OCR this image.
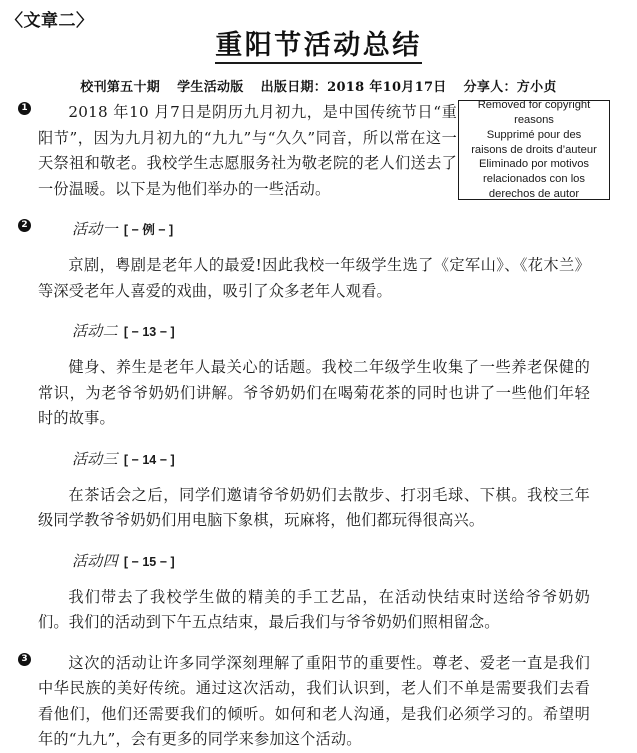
〈文章二〉
重阳节活动总结
校刊第五十期 学生活动版 出版日期：2018 年10月17日 分享人：方小贞
Removed for copyright
reasons
Supprimé pour des
raisons de droits d’auteur
Eliminado por motivos
relacionados con los
derechos de autor
1	2018 年10 月7日是阴历九月初九，是中国传统节日“重阳节”，因为九月初九的“九九”与“久久”同音，所以常在这一天祭祖和敬老。我校学生志愿服务社为敬老院的老人们送去了一份温暖。以下是为他们举办的一些活动。

2	活动一 [ − 例 − ]

京剧，粤剧是老年人的最爱!因此我校一年级学生选了《定军山》、《花木兰》等深受老年人喜爱的戏曲，吸引了众多老年人观看。

活动二 [ − 13 − ]

健身、养生是老年人最关心的话题。我校二年级学生收集了一些养老保健的常识，为老爷爷奶奶们讲解。爷爷奶奶们在喝菊花茶的同时也讲了一些他们年轻时的故事。

活动三 [ − 14 − ]

在茶话会之后，同学们邀请爷爷奶奶们去散步、打羽毛球、下棋。我校三年级同学教爷爷奶奶们用电脑下象棋，玩麻将，他们都玩得很高兴。

活动四 [ − 15 − ]

我们带去了我校学生做的精美的手工艺品，在活动快结束时送给爷爷奶奶们。我们的活动到下午五点结束，最后我们与爷爷奶奶们照相留念。

3	这次的活动让许多同学深刻理解了重阳节的重要性。尊老、爱老一直是我们中华民族的美好传统。通过这次活动，我们认识到，老人们不单是需要我们去看看他们，他们还需要我们的倾听。如何和老人沟通，是我们必须学习的。希望明年的“九九”，会有更多的同学来参加这个活动。
